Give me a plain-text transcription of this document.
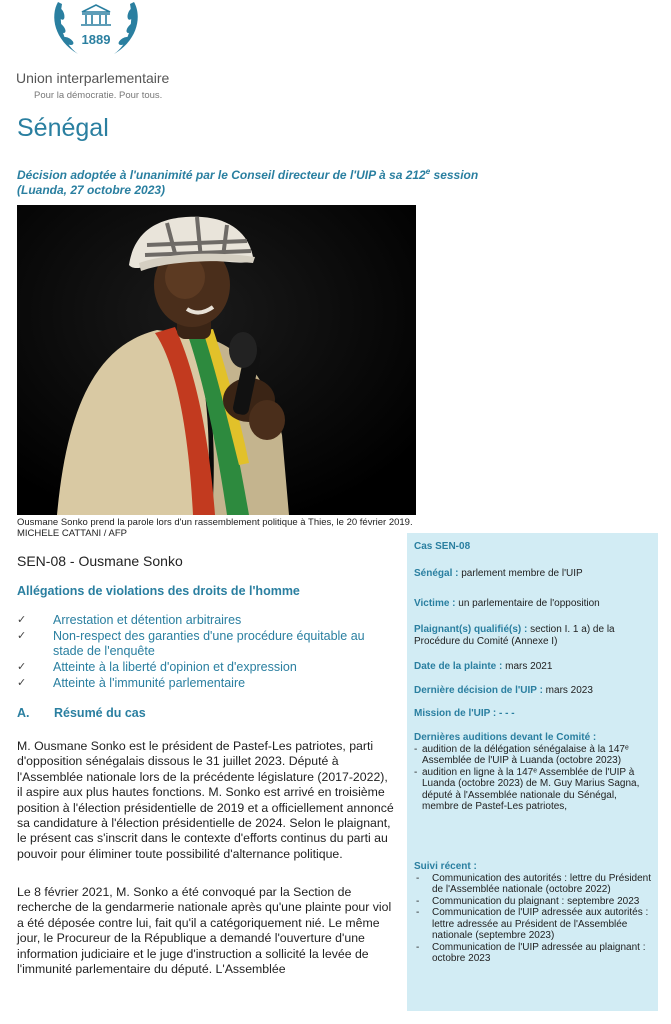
1889
Union interparlementaire
Pour la démocratie. Pour tous.
Sénégal
Décision adoptée à l'unanimité par le Conseil directeur de l'UIP à sa 212e session
(Luanda, 27 octobre 2023)
Ousmane Sonko prend la parole lors d'un rassemblement politique à Thies, le 20 février 2019. MICHELE CATTANI / AFP
SEN-08 - Ousmane Sonko
Allégations de violations des droits de l'homme
✓ Arrestation et détention arbitraires
✓ Non-respect des garanties d'une procédure équitable au stade de l'enquête
✓ Atteinte à la liberté d'opinion et d'expression
✓ Atteinte à l'immunité parlementaire
A. Résumé du cas
M. Ousmane Sonko est le président de Pastef-Les patriotes, parti d'opposition sénégalais dissous le 31 juillet 2023. Député à l'Assemblée nationale lors de la précédente législature (2017-2022), il aspire aux plus hautes fonctions. M. Sonko est arrivé en troisième position à l'élection présidentielle de 2019 et a officiellement annoncé sa candidature à l'élection présidentielle de 2024. Selon le plaignant, le présent cas s'inscrit dans le contexte d'efforts continus du parti au pouvoir pour éliminer toute possibilité d'alternance politique.
Le 8 février 2021, M. Sonko a été convoqué par la Section de recherche de la gendarmerie nationale après qu'une plainte pour viol a été déposée contre lui, fait qu'il a catégoriquement nié. Le même jour, le Procureur de la République a demandé l'ouverture d'une information judiciaire et le juge d'instruction a sollicité la levée de l'immunité parlementaire du député. L'Assemblée
Cas SEN-08
Sénégal : parlement membre de l'UIP
Victime : un parlementaire de l'opposition
Plaignant(s) qualifié(s) : section I. 1 a) de la Procédure du Comité (Annexe I)
Date de la plainte : mars 2021
Dernière décision de l'UIP : mars 2023
Mission de l'UIP : - - -
Dernières auditions devant le Comité :
- audition de la délégation sénégalaise à la 147ᵉ Assemblée de l'UIP à Luanda (octobre 2023)
- audition en ligne à la 147ᵉ Assemblée de l'UIP à Luanda (octobre 2023) de M. Guy Marius Sagna, député à l'Assemblée nationale du Sénégal, membre de Pastef-Les patriotes,
Suivi récent :
- Communication des autorités : lettre du Président de l'Assemblée nationale (octobre 2022)
- Communication du plaignant : septembre 2023
- Communication de l'UIP adressée aux autorités : lettre adressée au Président de l'Assemblée nationale (septembre 2023)
- Communication de l'UIP adressée au plaignant : octobre 2023
